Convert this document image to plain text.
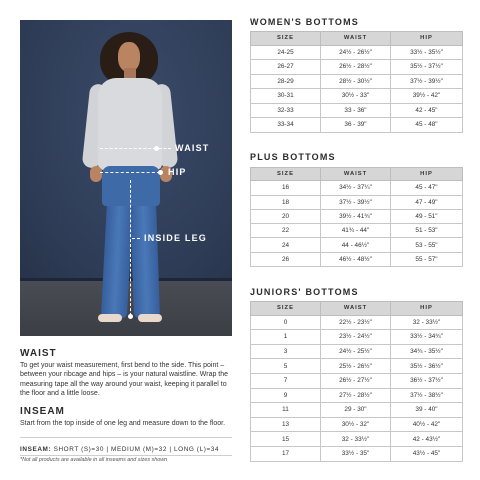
WAIST
HIP
INSIDE LEG
WAIST
To get your waist measurement, first bend to the side. This point – between your ribcage and hips – is your natural waistline. Wrap the measuring tape all the way around your waist, keeping it parallel to the floor and a little loose.
INSEAM
Start from the top inside of one leg and measure down to the floor.
INSEAM: SHORT (S)=30 | MEDIUM (M)=32 | LONG (L)=34
*Not all products are available in all inseams and sizes shown
WOMEN'S BOTTOMS
SIZE	WAIST	HIP
24-25	24½ - 26½"	33½ - 35½"
26-27	26½ - 28½"	35½ - 37½"
28-29	28½ - 30½"	37½ - 39½"
30-31	30½ - 33"	39½ - 42"
32-33	33 - 36"	42 - 45"
33-34	36 - 39"	45 - 48"
PLUS BOTTOMS
SIZE	WAIST	HIP
16	34½ - 37¼"	45 - 47"
18	37½ - 39½"	47 - 49"
20	39½ - 41¾"	49 - 51"
22	41¾ - 44"	51 - 53"
24	44 - 46½"	53 - 55"
26	46½ - 48½"	55 - 57"
JUNIORS' BOTTOMS
SIZE	WAIST	HIP
0	22½ - 23½"	32 - 33½"
1	23½ - 24½"	33½ - 34¾"
3	24½ - 25½"	34¾ - 35½"
5	25½ - 26½"	35½ - 36½"
7	26½ - 27½"	36½ - 37½"
9	27½ - 28½"	37½ - 38½"
11	29 - 30"	39 - 40"
13	30½ - 32"	40½ - 42"
15	32 - 33½"	42 - 43½"
17	33½ - 35"	43½ - 45"
